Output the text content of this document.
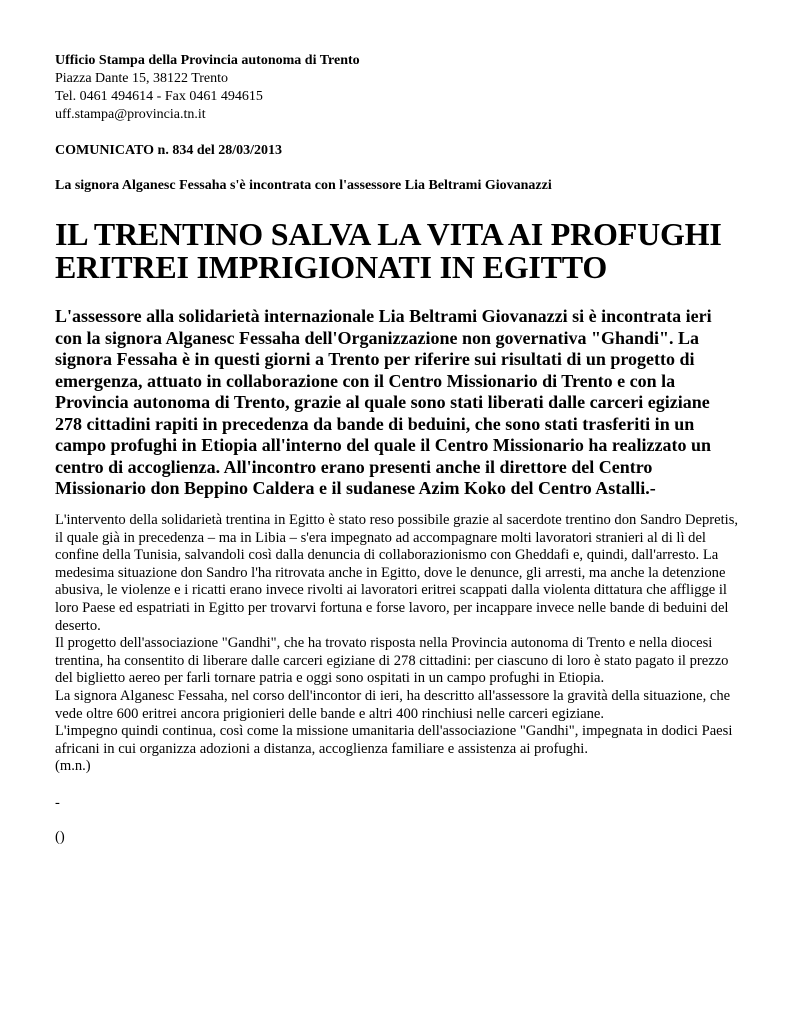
Ufficio Stampa della Provincia autonoma di Trento

Piazza Dante 15, 38122 Trento

Tel. 0461 494614 - Fax 0461 494615

uff.stampa@provincia.tn.it

COMUNICATO n. 834 del 28/03/2013

La signora Alganesc Fessaha s'è incontrata con l'assessore Lia Beltrami Giovanazzi

IL TRENTINO SALVA LA VITA AI PROFUGHI ERITREI IMPRIGIONATI IN EGITTO

L'assessore alla solidarietà internazionale Lia Beltrami Giovanazzi si è incontrata ieri con la signora Alganesc Fessaha dell'Organizzazione non governativa "Ghandi". La signora Fessaha è in questi giorni a Trento per riferire sui risultati di un progetto di emergenza, attuato in collaborazione con il Centro Missionario di Trento e con la Provincia autonoma di Trento, grazie al quale sono stati liberati dalle carceri egiziane 278 cittadini rapiti in precedenza da bande di beduini, che sono stati trasferiti in un campo profughi in Etiopia all'interno del quale il Centro Missionario ha realizzato un centro di accoglienza. All'incontro erano presenti anche il direttore del Centro Missionario don Beppino Caldera e il sudanese Azim Koko del Centro Astalli.-

L'intervento della solidarietà trentina in Egitto è stato reso possibile grazie al sacerdote trentino don Sandro Depretis, il quale già in precedenza – ma in Libia – s'era impegnato ad accompagnare molti lavoratori stranieri al di lì del confine della Tunisia, salvandoli così dalla denuncia di collaborazionismo con Gheddafi e, quindi, dall'arresto. La medesima situazione don Sandro l'ha ritrovata anche in Egitto, dove le denunce, gli arresti, ma anche la detenzione abusiva, le violenze e i ricatti erano invece rivolti ai lavoratori eritrei scappati dalla violenta dittatura che affligge il loro Paese ed espatriati in Egitto per trovarvi fortuna e forse lavoro, per incappare invece nelle bande di beduini del deserto.

Il progetto dell'associazione "Gandhi", che ha trovato risposta nella Provincia autonoma di Trento e nella diocesi trentina, ha consentito di liberare dalle carceri egiziane di 278 cittadini: per ciascuno di loro è stato pagato il prezzo del biglietto aereo per farli tornare patria e oggi sono ospitati in un campo profughi in Etiopia.

La signora Alganesc Fessaha, nel corso dell'incontor di ieri, ha descritto all'assessore la gravità della situazione, che vede oltre 600 eritrei ancora prigionieri delle bande e altri 400 rinchiusi nelle carceri egiziane.

L'impegno quindi continua, così come la missione umanitaria dell'associazione "Gandhi", impegnata in dodici Paesi africani in cui organizza adozioni a distanza, accoglienza familiare e assistenza ai profughi.

(m.n.)

-

()
